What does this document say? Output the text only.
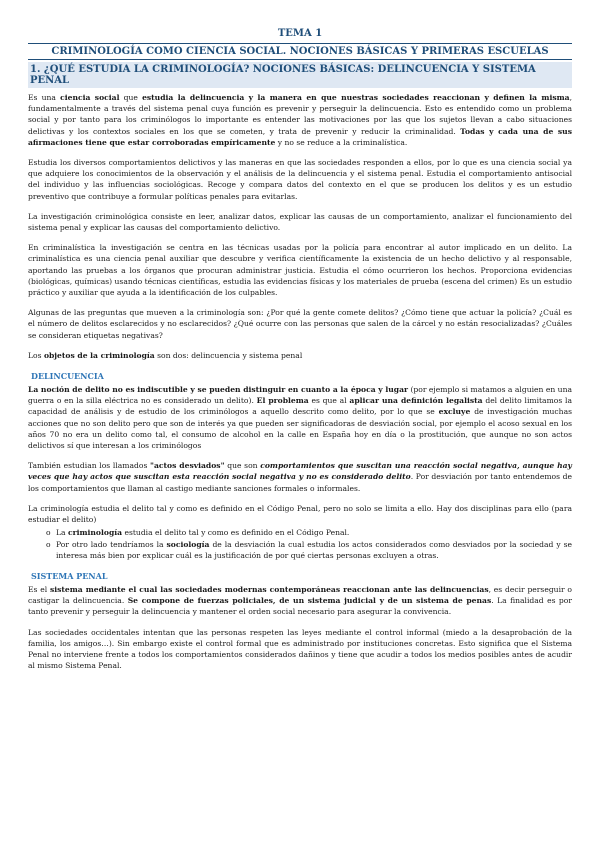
TEMA 1
CRIMINOLOGÍA COMO CIENCIA SOCIAL. NOCIONES BÁSICAS Y PRIMERAS ESCUELAS
1. ¿QUÉ ESTUDIA LA CRIMINOLOGÍA? NOCIONES BÁSICAS: DELINCUENCIA Y SISTEMA PENAL

Es una ciencia social que estudia la delincuencia y la manera en que nuestras sociedades reaccionan y definen la misma, fundamentalmente a través del sistema penal cuya función es prevenir y perseguir la delincuencia. Esto es entendido como un problema social y por tanto para los criminólogos lo importante es entender las motivaciones por las que los sujetos llevan a cabo situaciones delictivas y los contextos sociales en los que se cometen, y trata de prevenir y reducir la criminalidad. Todas y cada una de sus afirmaciones tiene que estar corroboradas empíricamente y no se reduce a la criminalística.

Estudia los diversos comportamientos delictivos y las maneras en que las sociedades responden a ellos, por lo que es una ciencia social ya que adquiere los conocimientos de la observación y el análisis de la delincuencia y el sistema penal. Estudia el comportamiento antisocial del individuo y las influencias sociológicas. Recoge y compara datos del contexto en el que se producen los delitos y es un estudio preventivo que contribuye a formular políticas penales para evitarlas.

La investigación criminológica consiste en leer, analizar datos, explicar las causas de un comportamiento, analizar el funcionamiento del sistema penal y explicar las causas del comportamiento delictivo.

En criminalística la investigación se centra en las técnicas usadas por la policía para encontrar al autor implicado en un delito. La criminalística es una ciencia penal auxiliar que descubre y verifica científicamente la existencia de un hecho delictivo y al responsable, aportando las pruebas a los órganos que procuran administrar justicia. Estudia el cómo ocurrieron los hechos. Proporciona evidencias (biológicas, químicas) usando técnicas científicas, estudia las evidencias físicas y los materiales de prueba (escena del crimen) Es un estudio práctico y auxiliar que ayuda a la identificación de los culpables.

Algunas de las preguntas que mueven a la criminología son: ¿Por qué la gente comete delitos? ¿Cómo tiene que actuar la policía? ¿Cuál es el número de delitos esclarecidos y no esclarecidos? ¿Qué ocurre con las personas que salen de la cárcel y no están resocializadas? ¿Cuáles se consideran etiquetas negativas?

Los objetos de la criminología son dos: delincuencia y sistema penal

DELINCUENCIA

La noción de delito no es indiscutible y se pueden distinguir en cuanto a la época y lugar (por ejemplo si matamos a alguien en una guerra o en la silla eléctrica no es considerado un delito). El problema es que al aplicar una definición legalista del delito limitamos la capacidad de análisis y de estudio de los criminólogos a aquello descrito como delito, por lo que se excluye de investigación muchas acciones que no son delito pero que son de interés ya que pueden ser significadoras de desviación social, por ejemplo el acoso sexual en los años 70 no era un delito como tal, el consumo de alcohol en la calle en España hoy en día o la prostitución, que aunque no son actos delictivos sí que interesan a los criminólogos

También estudian los llamados "actos desviados" que son comportamientos que suscitan una reacción social negativa, aunque hay veces que hay actos que suscitan esta reacción social negativa y no es considerado delito. Por desviación por tanto entendemos de los comportamientos que llaman al castigo mediante sanciones formales o informales.

La criminología estudia el delito tal y como es definido en el Código Penal, pero no solo se limita a ello. Hay dos disciplinas para ello (para estudiar el delito)

o La criminología estudia el delito tal y como es definido en el Código Penal.
o Por otro lado tendríamos la sociología de la desviación la cual estudia los actos considerados como desviados por la sociedad y se interesa más bien por explicar cuál es la justificación de por qué ciertas personas excluyen a otras.
SISTEMA PENAL

Es el sistema mediante el cual las sociedades modernas contemporáneas reaccionan ante las delincuencias, es decir perseguir o castigar la delincuencia. Se compone de fuerzas policiales, de un sistema judicial y de un sistema de penas. La finalidad es por tanto prevenir y perseguir la delincuencia y mantener el orden social necesario para asegurar la convivencia.

Las sociedades occidentales intentan que las personas respeten las leyes mediante el control informal (miedo a la desaprobación de la familia, los amigos…). Sin embargo existe el control formal que es administrado por instituciones concretas. Esto significa que el Sistema Penal no interviene frente a todos los comportamientos considerados dañinos y tiene que acudir a todos los medios posibles antes de acudir al mismo Sistema Penal.
